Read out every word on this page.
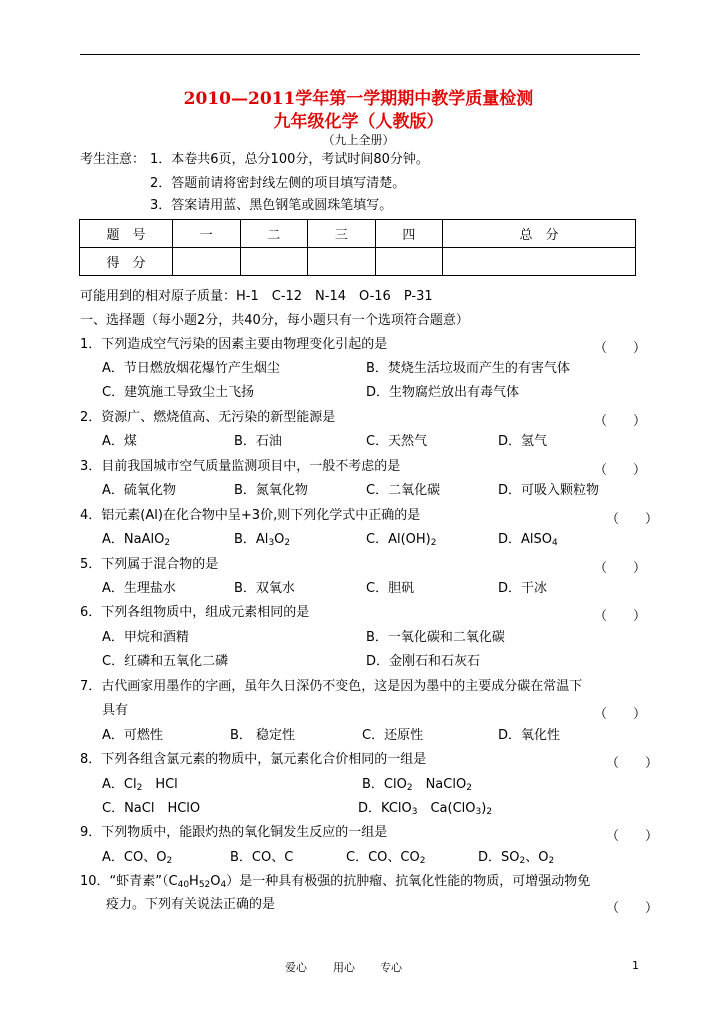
2010—2011学年第一学期期中教学质量检测
九年级化学（人教版）
（九上全册）
考生注意： 1．本卷共6页，总分100分，考试时间80分钟。
2．答题前请将密封线左侧的项目填写清楚。
3．答案请用蓝、黑色钢笔或圆珠笔填写。
题　号	一	二	三	四	总　分
得　分					
可能用到的相对原子质量：H-1　C-12　N-14　O-16　P-31
一、选择题（每小题2分，共40分，每小题只有一个选项符合题意）
1．下列造成空气污染的因素主要由物理变化引起的是	（　　）
A．节日燃放烟花爆竹产生烟尘	B．焚烧生活垃圾而产生的有害气体
C．建筑施工导致尘土飞扬	D．生物腐烂放出有毒气体
2．资源广、燃烧值高、无污染的新型能源是	（　　）
A．煤	B．石油	C．天然气	D．氢气
3．目前我国城市空气质量监测项目中，一般不考虑的是	（　　）
A．硫氧化物	B．氮氧化物	C．二氧化碳	D．可吸入颗粒物
4．铝元素(Al)在化合物中呈+3价,则下列化学式中正确的是	（　　）
A．NaAlO$_2$	B．$Al_3O_2$	C．$Al(OH)_2$	D．AlSO$_4$
5．下列属于混合物的是	（　　）
A．生理盐水	B．双氧水	C．胆矾	D．干冰
6．下列各组物质中，组成元素相同的是	（　　）
A．甲烷和酒精	B．一氧化碳和二氧化碳
C．红磷和五氧化二磷	D．金刚石和石灰石
7．古代画家用墨作的字画，虽年久日深仍不变色，这是因为墨中的主要成分碳在常温下
具有	（　　）
A．可燃性	B． 稳定性	C．还原性	D．氧化性
8．下列各组含氯元素的物质中，氯元素化合价相同的一组是	（　　）
A．$Cl_2$　HCl	B．ClO$_2$　NaClO$_2$
C．NaCl　HClO	D．KClO$_3$　$Ca(ClO_3)_2$
9．下列物质中，能跟灼热的氧化铜发生反应的一组是	（　　）
A．CO、$O_2$	B．CO、C	C．CO、$CO_2$	D．$SO_2$、$O_2$
10．“虾青素$”(C_{40}H_{52}O_4)$是一种具有极强的抗肿瘤、抗氧化性能的物质，可增强动物免
疫力。下列有关说法正确的是	（　　）
爱心 用心 专心	1
